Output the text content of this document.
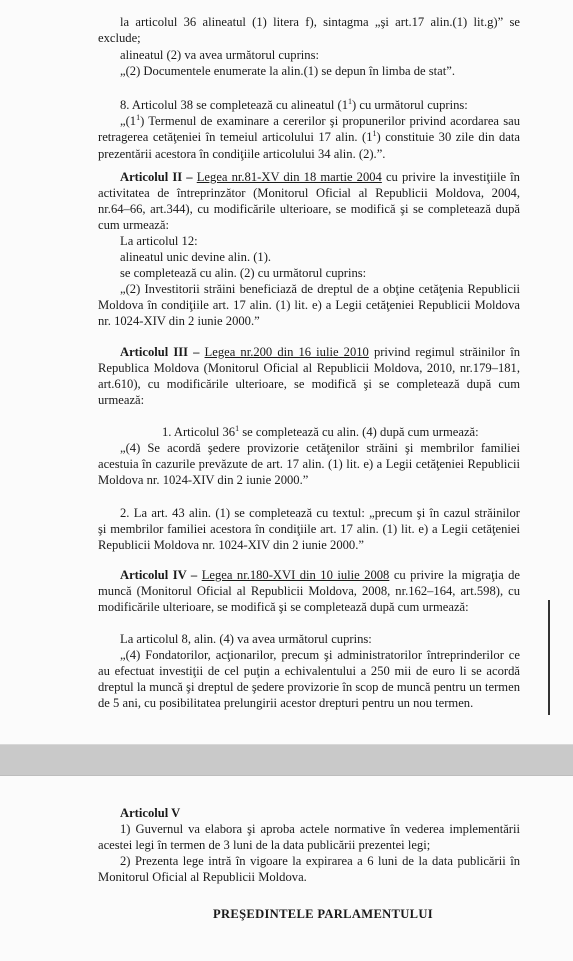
la articolul 36 alineatul (1) litera f), sintagma „şi art.17 alin.(1) lit.g)” se
exclude;
alineatul (2) va avea următorul cuprins:
„(2) Documentele enumerate la alin.(1) se depun în limba de stat”.
8. Articolul 38 se completează cu alineatul $(1^1)$ cu următorul cuprins:
$„(1^1)$ Termenul de examinare a cererilor şi propunerilor privind acordarea sau
retragerea cetăţeniei în temeiul articolului 17 alin. $(1^1)$ constituie 30 zile din data
prezentării acestora în condiţiile articolului 34 alin. (2).”.
Articolul II – Legea nr.81-XV din 18 martie 2004 cu privire la investiţiile în
activitatea de întreprinzător (Monitorul Oficial al Republicii Moldova, 2004,
nr.64–66, art.344), cu modificările ulterioare, se modifică şi se completează după
cum urmează:
La articolul 12:
alineatul unic devine alin. (1).
se completează cu alin. (2) cu următorul cuprins:
„(2) Investitorii străini beneficiază de dreptul de a obţine cetăţenia Republicii
Moldova în condiţiile art. 17 alin. (1) lit. e) a Legii cetăţeniei Republicii Moldova
nr. 1024-XIV din 2 iunie 2000.”
Articolul III – Legea nr.200 din 16 iulie 2010 privind regimul străinilor în
Republica Moldova (Monitorul Oficial al Republicii Moldova, 2010, nr.179–181,
art.610), cu modificările ulterioare, se modifică şi se completează după cum
urmează:
1. Articolul $36^1$ se completează cu alin. (4) după cum urmează:
„(4) Se acordă şedere provizorie cetăţenilor străini şi membrilor familiei
acestuia în cazurile prevăzute de art. 17 alin. (1) lit. e) a Legii cetăţeniei Republicii
Moldova nr. 1024-XIV din 2 iunie 2000.”
2. La art. 43 alin. (1) se completează cu textul: „precum şi în cazul străinilor
şi membrilor familiei acestora în condiţiile art. 17 alin. (1) lit. e) a Legii cetăţeniei
Republicii Moldova nr. 1024-XIV din 2 iunie 2000.”
Articolul IV – Legea nr.180-XVI din 10 iulie 2008 cu privire la migraţia de
muncă (Monitorul Oficial al Republicii Moldova, 2008, nr.162–164, art.598), cu
modificările ulterioare, se modifică şi se completează după cum urmează:
La articolul 8, alin. (4) va avea următorul cuprins:
„(4) Fondatorilor, acţionarilor, precum şi administratorilor întreprinderilor ce
au efectuat investiţii de cel puţin a echivalentului a 250 mii de euro li se acordă
dreptul la muncă şi dreptul de şedere provizorie în scop de muncă pentru un termen
de 5 ani, cu posibilitatea prelungirii acestor drepturi pentru un nou termen.
Articolul V
1) Guvernul va elabora şi aproba actele normative în vederea implementării
acestei legi în termen de 3 luni de la data publicării prezentei legi;
2) Prezenta lege intră în vigoare la expirarea a 6 luni de la data publicării în
Monitorul Oficial al Republicii Moldova.
PREŞEDINTELE PARLAMENTULUI
